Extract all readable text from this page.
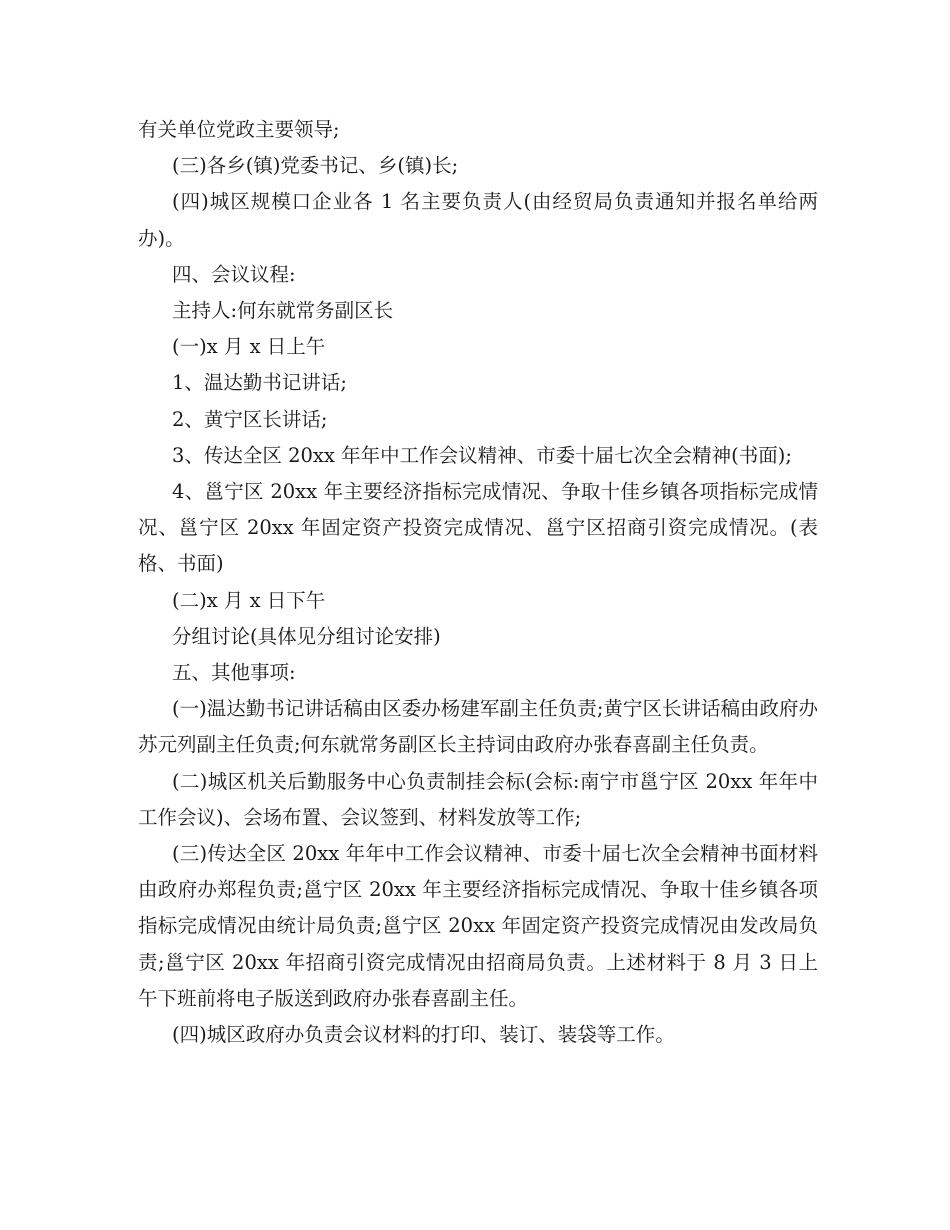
有关单位党政主要领导;

(三)各乡(镇)党委书记、乡(镇)长;

(四)城区规模口企业各 1 名主要负责人(由经贸局负责通知并报名单给两办)。

四、会议议程:

主持人:何东就常务副区长

(一)x 月 x 日上午

1、温达勤书记讲话;

2、黄宁区长讲话;

3、传达全区 20xx 年年中工作会议精神、市委十届七次全会精神(书面);

4、邕宁区 20xx 年主要经济指标完成情况、争取十佳乡镇各项指标完成情况、邕宁区 20xx 年固定资产投资完成情况、邕宁区招商引资完成情况。(表格、书面)

(二)x 月 x 日下午

分组讨论(具体见分组讨论安排)

五、其他事项:

(一)温达勤书记讲话稿由区委办杨建军副主任负责;黄宁区长讲话稿由政府办苏元列副主任负责;何东就常务副区长主持词由政府办张春喜副主任负责。

(二)城区机关后勤服务中心负责制挂会标(会标:南宁市邕宁区 20xx 年年中工作会议)、会场布置、会议签到、材料发放等工作;

(三)传达全区 20xx 年年中工作会议精神、市委十届七次全会精神书面材料由政府办郑程负责;邕宁区 20xx 年主要经济指标完成情况、争取十佳乡镇各项指标完成情况由统计局负责;邕宁区 20xx 年固定资产投资完成情况由发改局负责;邕宁区 20xx 年招商引资完成情况由招商局负责。上述材料于 8 月 3 日上午下班前将电子版送到政府办张春喜副主任。

(四)城区政府办负责会议材料的打印、装订、装袋等工作。
